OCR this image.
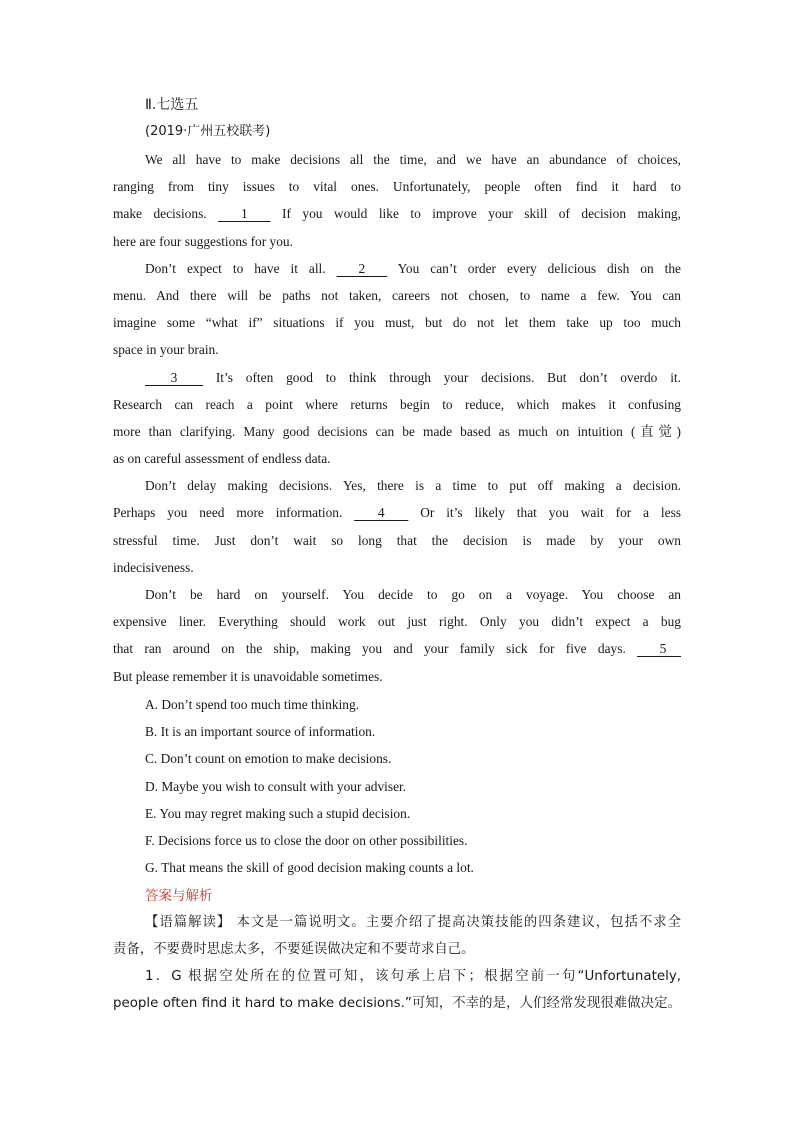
Ⅱ.七选五
(2019·广州五校联考)
We all have to make decisions all the time, and we have an abundance of choices,
ranging from tiny issues to vital ones. Unfortunately, people often find it hard to
make decisions.   1   If you would like to improve your skill of decision making,
here are four suggestions for you.
Don’t expect to have it all.   2   You can’t order every delicious dish on the
menu. And there will be paths not taken, careers not chosen, to name a few. You can
imagine some “what if” situations if you must, but do not let them take up too much
space in your brain.
3   It’s often good to think through your decisions. But don’t overdo it.
Research can reach a point where returns begin to reduce, which makes it confusing
more than clarifying. Many good decisions can be made based as much on intuition (直觉)
as on careful assessment of endless data.
Don’t delay making decisions. Yes, there is a time to put off making a decision.
Perhaps you need more information.   4   Or it’s likely that you wait for a less
stressful time. Just don’t wait so long that the decision is made by your own
indecisiveness.
Don’t be hard on yourself. You decide to go on a voyage. You choose an
expensive liner. Everything should work out just right. Only you didn’t expect a bug
that ran around on the ship, making you and your family sick for five days.   5
But please remember it is unavoidable sometimes.
A. Don’t spend too much time thinking.
B. It is an important source of information.
C. Don’t count on emotion to make decisions.
D. Maybe you wish to consult with your adviser.
E. You may regret making such a stupid decision.
F. Decisions force us to close the door on other possibilities.
G. That means the skill of good decision making counts a lot.
答案与解析
【语篇解读】 本文是一篇说明文。主要介绍了提高决策技能的四条建议，包括不求全
责备，不要费时思虑太多，不要延误做决定和不要苛求自己。
1．G 根据空处所在的位置可知，该句承上启下；根据空前一句“Unfortunately,
people often find it hard to make decisions.”可知，不幸的是，人们经常发现很难做决定。
